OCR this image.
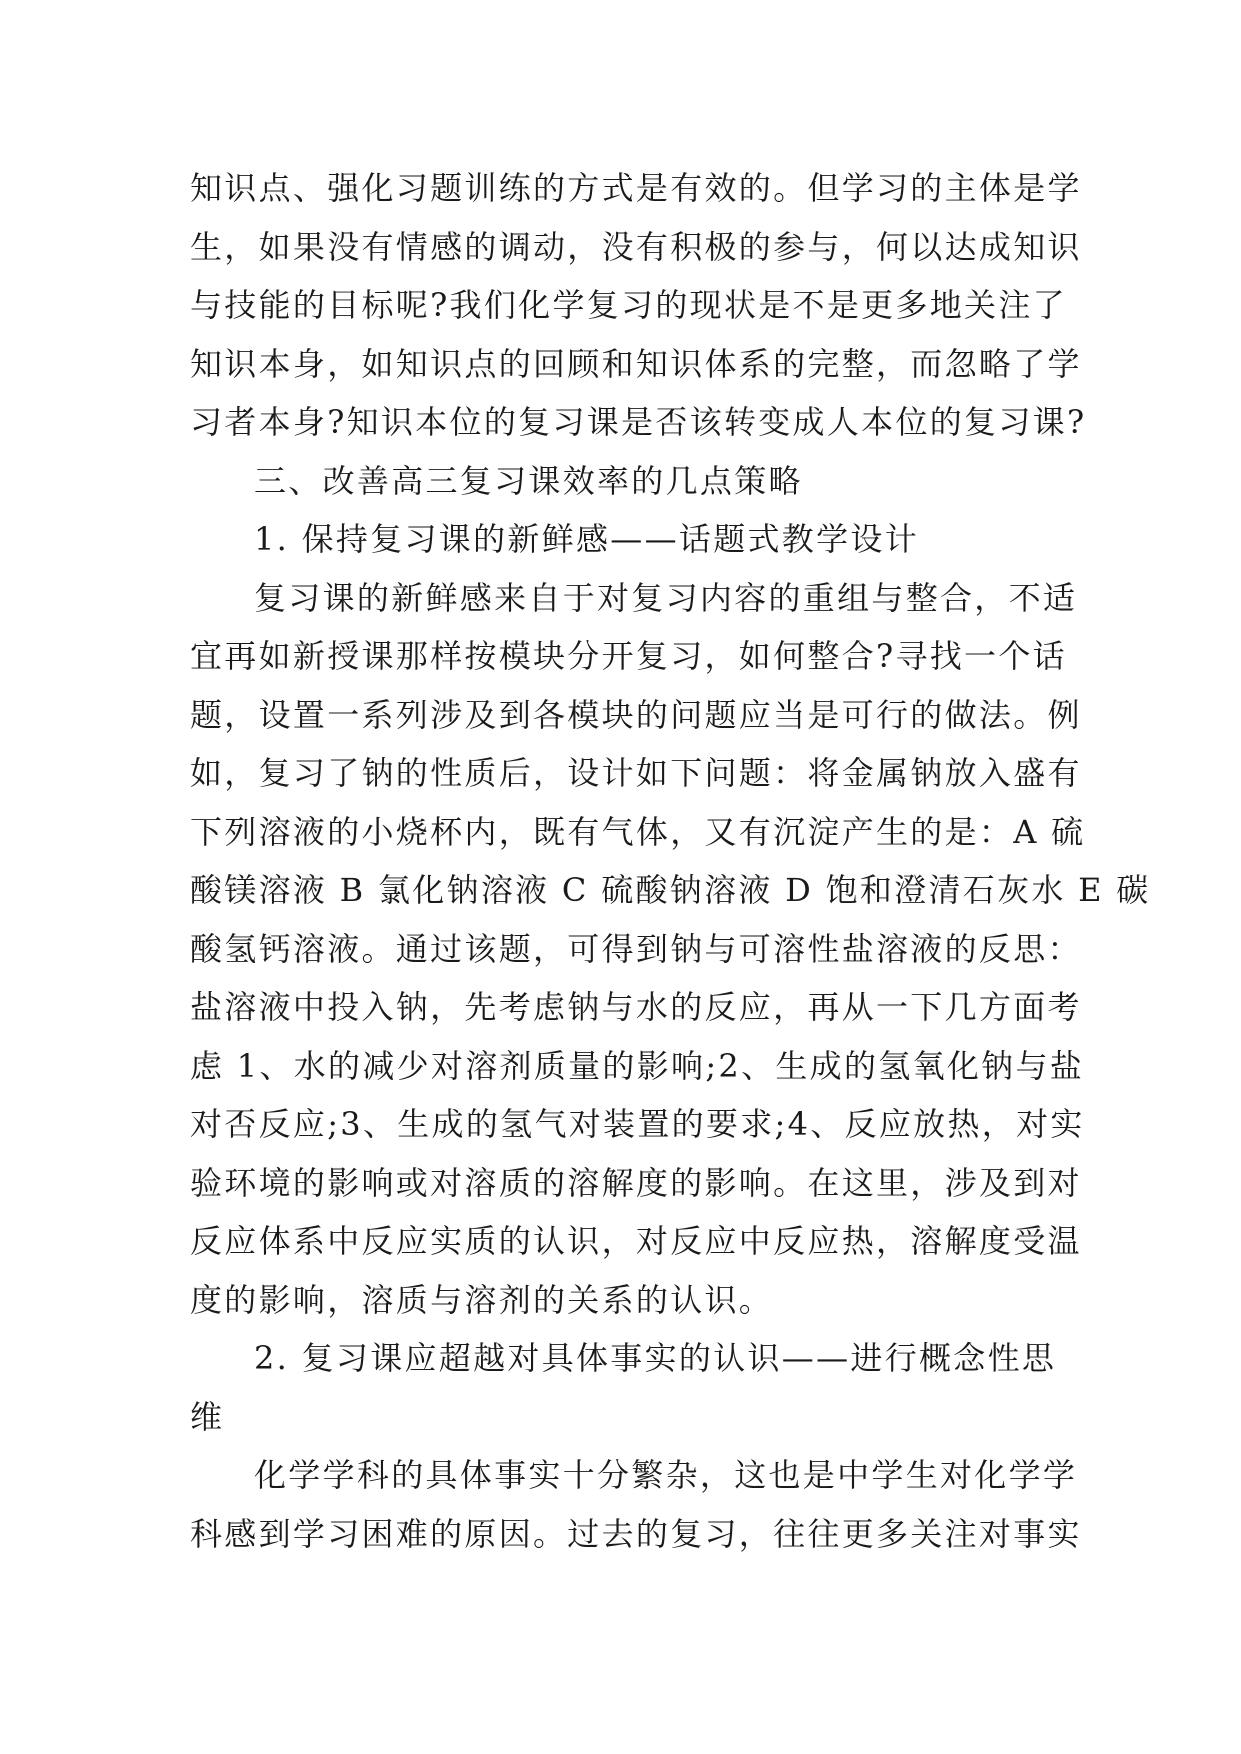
知识点、强化习题训练的方式是有效的。但学习的主体是学
生，如果没有情感的调动，没有积极的参与，何以达成知识
与技能的目标呢?我们化学复习的现状是不是更多地关注了
知识本身，如知识点的回顾和知识体系的完整，而忽略了学
习者本身?知识本位的复习课是否该转变成人本位的复习课?
三、改善高三复习课效率的几点策略
1. 保持复习课的新鲜感——话题式教学设计
复习课的新鲜感来自于对复习内容的重组与整合，不适
宜再如新授课那样按模块分开复习，如何整合?寻找一个话
题，设置一系列涉及到各模块的问题应当是可行的做法。例
如，复习了钠的性质后，设计如下问题：将金属钠放入盛有
下列溶液的小烧杯内，既有气体，又有沉淀产生的是：A 硫
酸镁溶液 B 氯化钠溶液 C 硫酸钠溶液 D 饱和澄清石灰水 E 碳
酸氢钙溶液。通过该题，可得到钠与可溶性盐溶液的反思：
盐溶液中投入钠，先考虑钠与水的反应，再从一下几方面考
虑 1、水的减少对溶剂质量的影响;2、生成的氢氧化钠与盐
对否反应;3、生成的氢气对装置的要求;4、反应放热，对实
验环境的影响或对溶质的溶解度的影响。在这里，涉及到对
反应体系中反应实质的认识，对反应中反应热，溶解度受温
度的影响，溶质与溶剂的关系的认识。
2. 复习课应超越对具体事实的认识——进行概念性思
维
化学学科的具体事实十分繁杂，这也是中学生对化学学
科感到学习困难的原因。过去的复习，往往更多关注对事实
